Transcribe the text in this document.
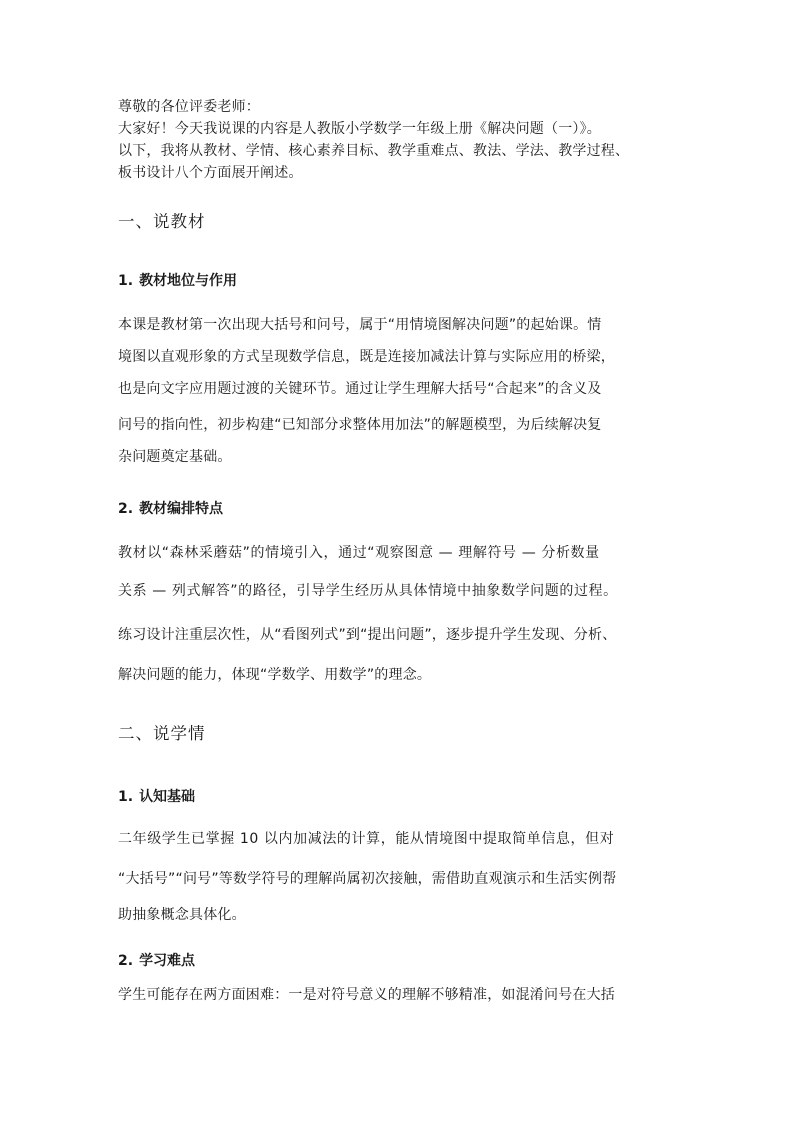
尊敬的各位评委老师：
大家好！今天我说课的内容是人教版小学数学一年级上册《解决问题（一）》。
以下，我将从教材、学情、核心素养目标、教学重难点、教法、学法、教学过程、
板书设计八个方面展开阐述。
一、说教材
1. 教材地位与作用
本课是教材第一次出现大括号和问号，属于“用情境图解决问题”的起始课。情
境图以直观形象的方式呈现数学信息，既是连接加减法计算与实际应用的桥梁，
也是向文字应用题过渡的关键环节。通过让学生理解大括号“合起来”的含义及
问号的指向性，初步构建“已知部分求整体用加法”的解题模型，为后续解决复
杂问题奠定基础。
2. 教材编排特点
教材以“森林采蘑菇”的情境引入，通过“观察图意 — 理解符号 — 分析数量
关系 — 列式解答”的路径，引导学生经历从具体情境中抽象数学问题的过程。
练习设计注重层次性，从“看图列式”到“提出问题”，逐步提升学生发现、分析、
解决问题的能力，体现“学数学、用数学”的理念。
二、说学情
1. 认知基础
二年级学生已掌握 10 以内加减法的计算，能从情境图中提取简单信息，但对
“大括号”“问号”等数学符号的理解尚属初次接触，需借助直观演示和生活实例帮
助抽象概念具体化。
2. 学习难点
学生可能存在两方面困难：一是对符号意义的理解不够精准，如混淆问号在大括
